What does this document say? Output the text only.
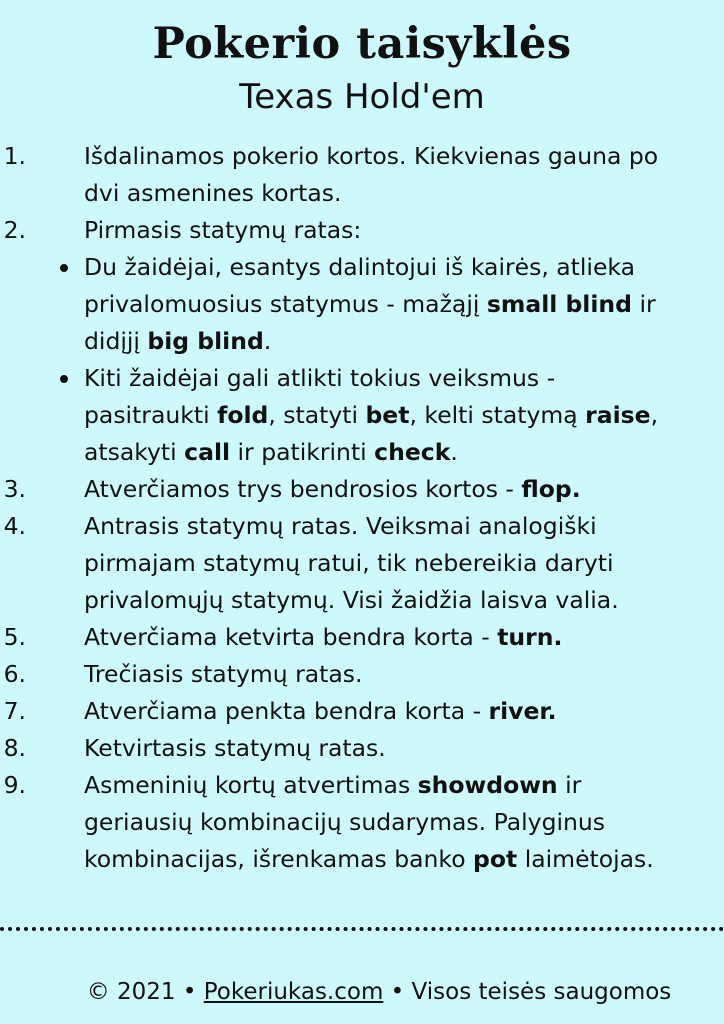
Pokerio taisyklės
Texas Hold'em
1. Išdalinamos pokerio kortos. Kiekvienas gauna po dvi asmenines kortas.
2. Pirmasis statymų ratas:
Du žaidėjai, esantys dalintojui iš kairės, atlieka privalomuosius statymus - mažąjį small blind ir didįjį big blind.
Kiti žaidėjai gali atlikti tokius veiksmus - pasitraukti fold, statyti bet, kelti statymą raise, atsakyti call ir patikrinti check.
3. Atverčiamos trys bendrosios kortos - flop.
4. Antrasis statymų ratas. Veiksmai analogiški pirmajam statymų ratui, tik nebereikia daryti privalomųjų statymų. Visi žaidžia laisva valia.
5. Atverčiama ketvirta bendra korta - turn.
6. Trečiasis statymų ratas.
7. Atverčiama penkta bendra korta - river.
8. Ketvirtasis statymų ratas.
9. Asmeninių kortų atvertimas showdown ir geriausių kombinacijų sudarymas. Palyginus kombinacijas, išrenkamas banko pot laimėtojas.
© 2021 • Pokeriukas.com • Visos teisės saugomos
